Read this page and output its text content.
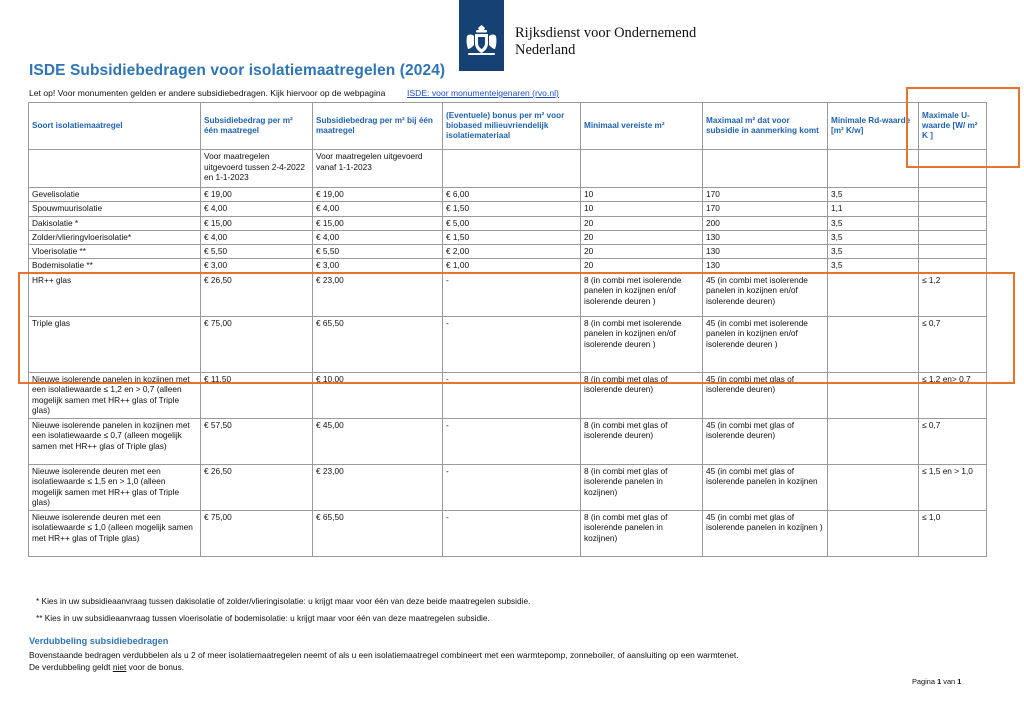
Rijksdienst voor Ondernemend
Nederland
ISDE Subsidiebedragen voor isolatiemaatregelen (2024)
Let op! Voor monumenten gelden er andere subsidiebedragen. Kijk hiervoor op de webpagina	ISDE: voor monumenteigenaren (rvo.nl)
Soort isolatiemaatregel	Subsidiebedrag per m² één maatregel	Subsidiebedrag per m² bij één maatregel	(Eventuele) bonus per m² voor biobased milieuvriendelijk isolatiemateriaal	Minimaal vereiste m²	Maximaal m² dat voor subsidie in aanmerking komt	Minimale Rd-waarde [m² K/w]	Maximale U-waarde [W/ m² K ]
	Voor maatregelen uitgevoerd tussen 2-4-2022 en 1-1-2023	Voor maatregelen uitgevoerd vanaf 1-1-2023					
Gevelisolatie	€ 19,00	€ 19,00	€ 6,00	10	170	3,5	
Spouwmuurisolatie	€ 4,00	€ 4,00	€ 1,50	10	170	1,1	
Dakisolatie *	€ 15,00	€ 15,00	€ 5,00	20	200	3,5	
Zolder/vlieringvloerisolatie*	€ 4,00	€ 4,00	€ 1,50	20	130	3,5	
Vloerisolatie **	€ 5,50	€ 5,50	€ 2,00	20	130	3,5	
Bodemisolatie **	€ 3,00	€ 3,00	€ 1,00	20	130	3,5	
HR++ glas	€ 26,50	€ 23,00	-	8 (in combi met isolerende panelen in kozijnen en/of isolerende deuren )	45 (in combi met isolerende panelen in kozijnen en/of isolerende deuren)		≤ 1,2
Triple glas	€ 75,00	€ 65,50	-	8 (in combi met isolerende panelen in kozijnen en/of isolerende deuren )	45 (in combi met isolerende panelen in kozijnen en/of isolerende deuren )		≤ 0,7
Nieuwe isolerende panelen in kozijnen met een isolatiewaarde ≤ 1,2 en > 0,7 (alleen mogelijk samen met HR++ glas of Triple glas)	€ 11,50	€ 10,00	-	8 (in combi met glas of isolerende deuren)	45 (in combi met glas of isolerende deuren)		≤ 1,2 en> 0,7
Nieuwe isolerende panelen in kozijnen met een isolatiewaarde ≤ 0,7 (alleen mogelijk samen met HR++ glas of Triple glas)	€ 57,50	€ 45,00	-	8 (in combi met glas of isolerende deuren)	45 (in combi met glas of isolerende deuren)		≤ 0,7
Nieuwe isolerende deuren met een isolatiewaarde ≤ 1,5 en > 1,0 (alleen mogelijk samen met HR++ glas of Triple glas)	€ 26,50	€ 23,00	-	8 (in combi met glas of isolerende panelen in kozijnen)	45 (in combi met glas of isolerende panelen in kozijnen		≤ 1,5 en > 1,0
Nieuwe isolerende deuren met een isolatiewaarde ≤ 1,0 (alleen mogelijk samen met HR++ glas of Triple glas)	€ 75,00	€ 65,50	-	8 (in combi met glas of isolerende panelen in kozijnen)	45 (in combi met glas of isolerende panelen in kozijnen )		≤ 1,0
* Kies in uw subsidieaanvraag tussen dakisolatie of zolder/vlieringisolatie: u krijgt maar voor één van deze beide maatregelen subsidie.
** Kies in uw subsidieaanvraag tussen vloerisolatie of bodemisolatie: u krijgt maar voor één van deze maatregelen subsidie.
Verdubbeling subsidiebedragen
Bovenstaande bedragen verdubbelen als u 2 of meer isolatiemaatregelen neemt of als u een isolatiemaatregel combineert met een warmtepomp, zonneboiler, of aansluiting op een warmtenet.
De verdubbeling geldt niet voor de bonus.
Pagina 1 van 1
